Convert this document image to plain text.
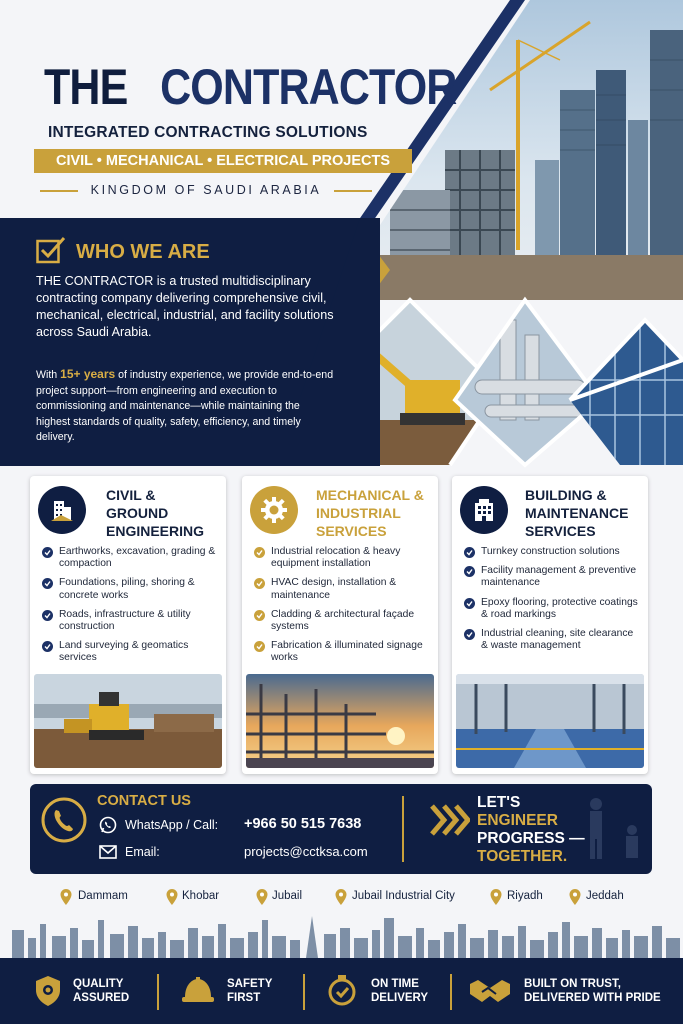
THE CONTRACTOR
INTEGRATED CONTRACTING SOLUTIONS
CIVIL • MECHANICAL • ELECTRICAL PROJECTS
KINGDOM OF SAUDI ARABIA
WHO WE ARE
THE CONTRACTOR is a trusted multidisciplinary contracting company delivering comprehensive civil, mechanical, electrical, industrial, and facility solutions across Saudi Arabia.
With 15+ years of industry experience, we provide end-to-end project support—from engineering and execution to commissioning and maintenance—while maintaining the highest standards of quality, safety, efficiency, and timely delivery.
CIVIL &
GROUND
ENGINEERING
Earthworks, excavation, grading & compaction
Foundations, piling, shoring & concrete works
Roads, infrastructure & utility construction
Land surveying & geomatics services
MECHANICAL &
INDUSTRIAL
SERVICES
Industrial relocation & heavy equipment installation
HVAC design, installation & maintenance
Cladding & architectural façade systems
Fabrication & illuminated signage works
BUILDING &
MAINTENANCE
SERVICES
Turnkey construction solutions
Facility management & preventive maintenance
Epoxy flooring, protective coatings & road markings
Industrial cleaning, site clearance & waste management
CONTACT US
WhatsApp / Call: +966 50 515 7638
Email:	projects@cctksa.com
LET'S
ENGINEER
PROGRESS —
TOGETHER.
Dammam	Khobar	Jubail	Jubail Industrial City	Riyadh	Jeddah
QUALITY
ASSURED
SAFETY
FIRST
ON TIME
DELIVERY
BUILT ON TRUST,
DELIVERED WITH PRIDE
